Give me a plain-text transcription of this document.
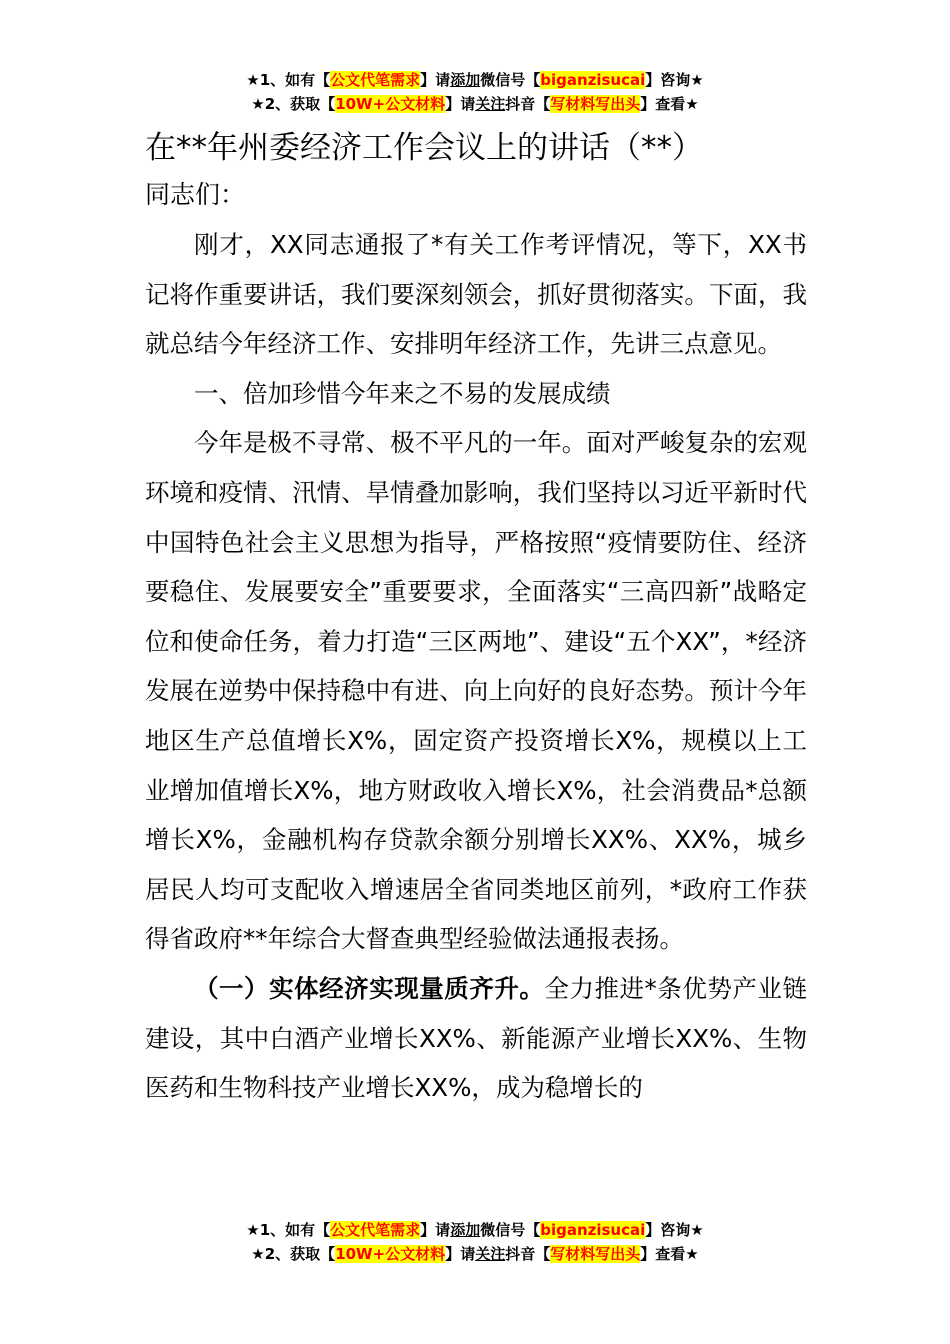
★1、如有【公文代笔需求】请添加微信号【biganzisucai】咨询★
★2、获取【10W+公文材料】请关注抖音【写材料写出头】查看★
在**年州委经济工作会议上的讲话（**）
同志们：

刚才，XX同志通报了*有关工作考评情况，等下，XX书记将作重要讲话，我们要深刻领会，抓好贯彻落实。下面，我就总结今年经济工作、安排明年经济工作，先讲三点意见。

一、倍加珍惜今年来之不易的发展成绩

今年是极不寻常、极不平凡的一年。面对严峻复杂的宏观环境和疫情、汛情、旱情叠加影响，我们坚持以习近平新时代中国特色社会主义思想为指导，严格按照“疫情要防住、经济要稳住、发展要安全”重要要求，全面落实“三高四新”战略定位和使命任务，着力打造“三区两地”、建设“五个XX”，*经济发展在逆势中保持稳中有进、向上向好的良好态势。预计今年地区生产总值增长X%，固定资产投资增长X%，规模以上工业增加值增长X%，地方财政收入增长X%，社会消费品*总额增长X%，金融机构存贷款余额分别增长XX%、XX%，城乡居民人均可支配收入增速居全省同类地区前列，*政府工作获得省政府**年综合大督查典型经验做法通报表扬。

（一）实体经济实现量质齐升。全力推进*条优势产业链建设，其中白酒产业增长XX%、新能源产业增长XX%、生物医药和生物科技产业增长XX%，成为稳增长的

★1、如有【公文代笔需求】请添加微信号【biganzisucai】咨询★
★2、获取【10W+公文材料】请关注抖音【写材料写出头】查看★
